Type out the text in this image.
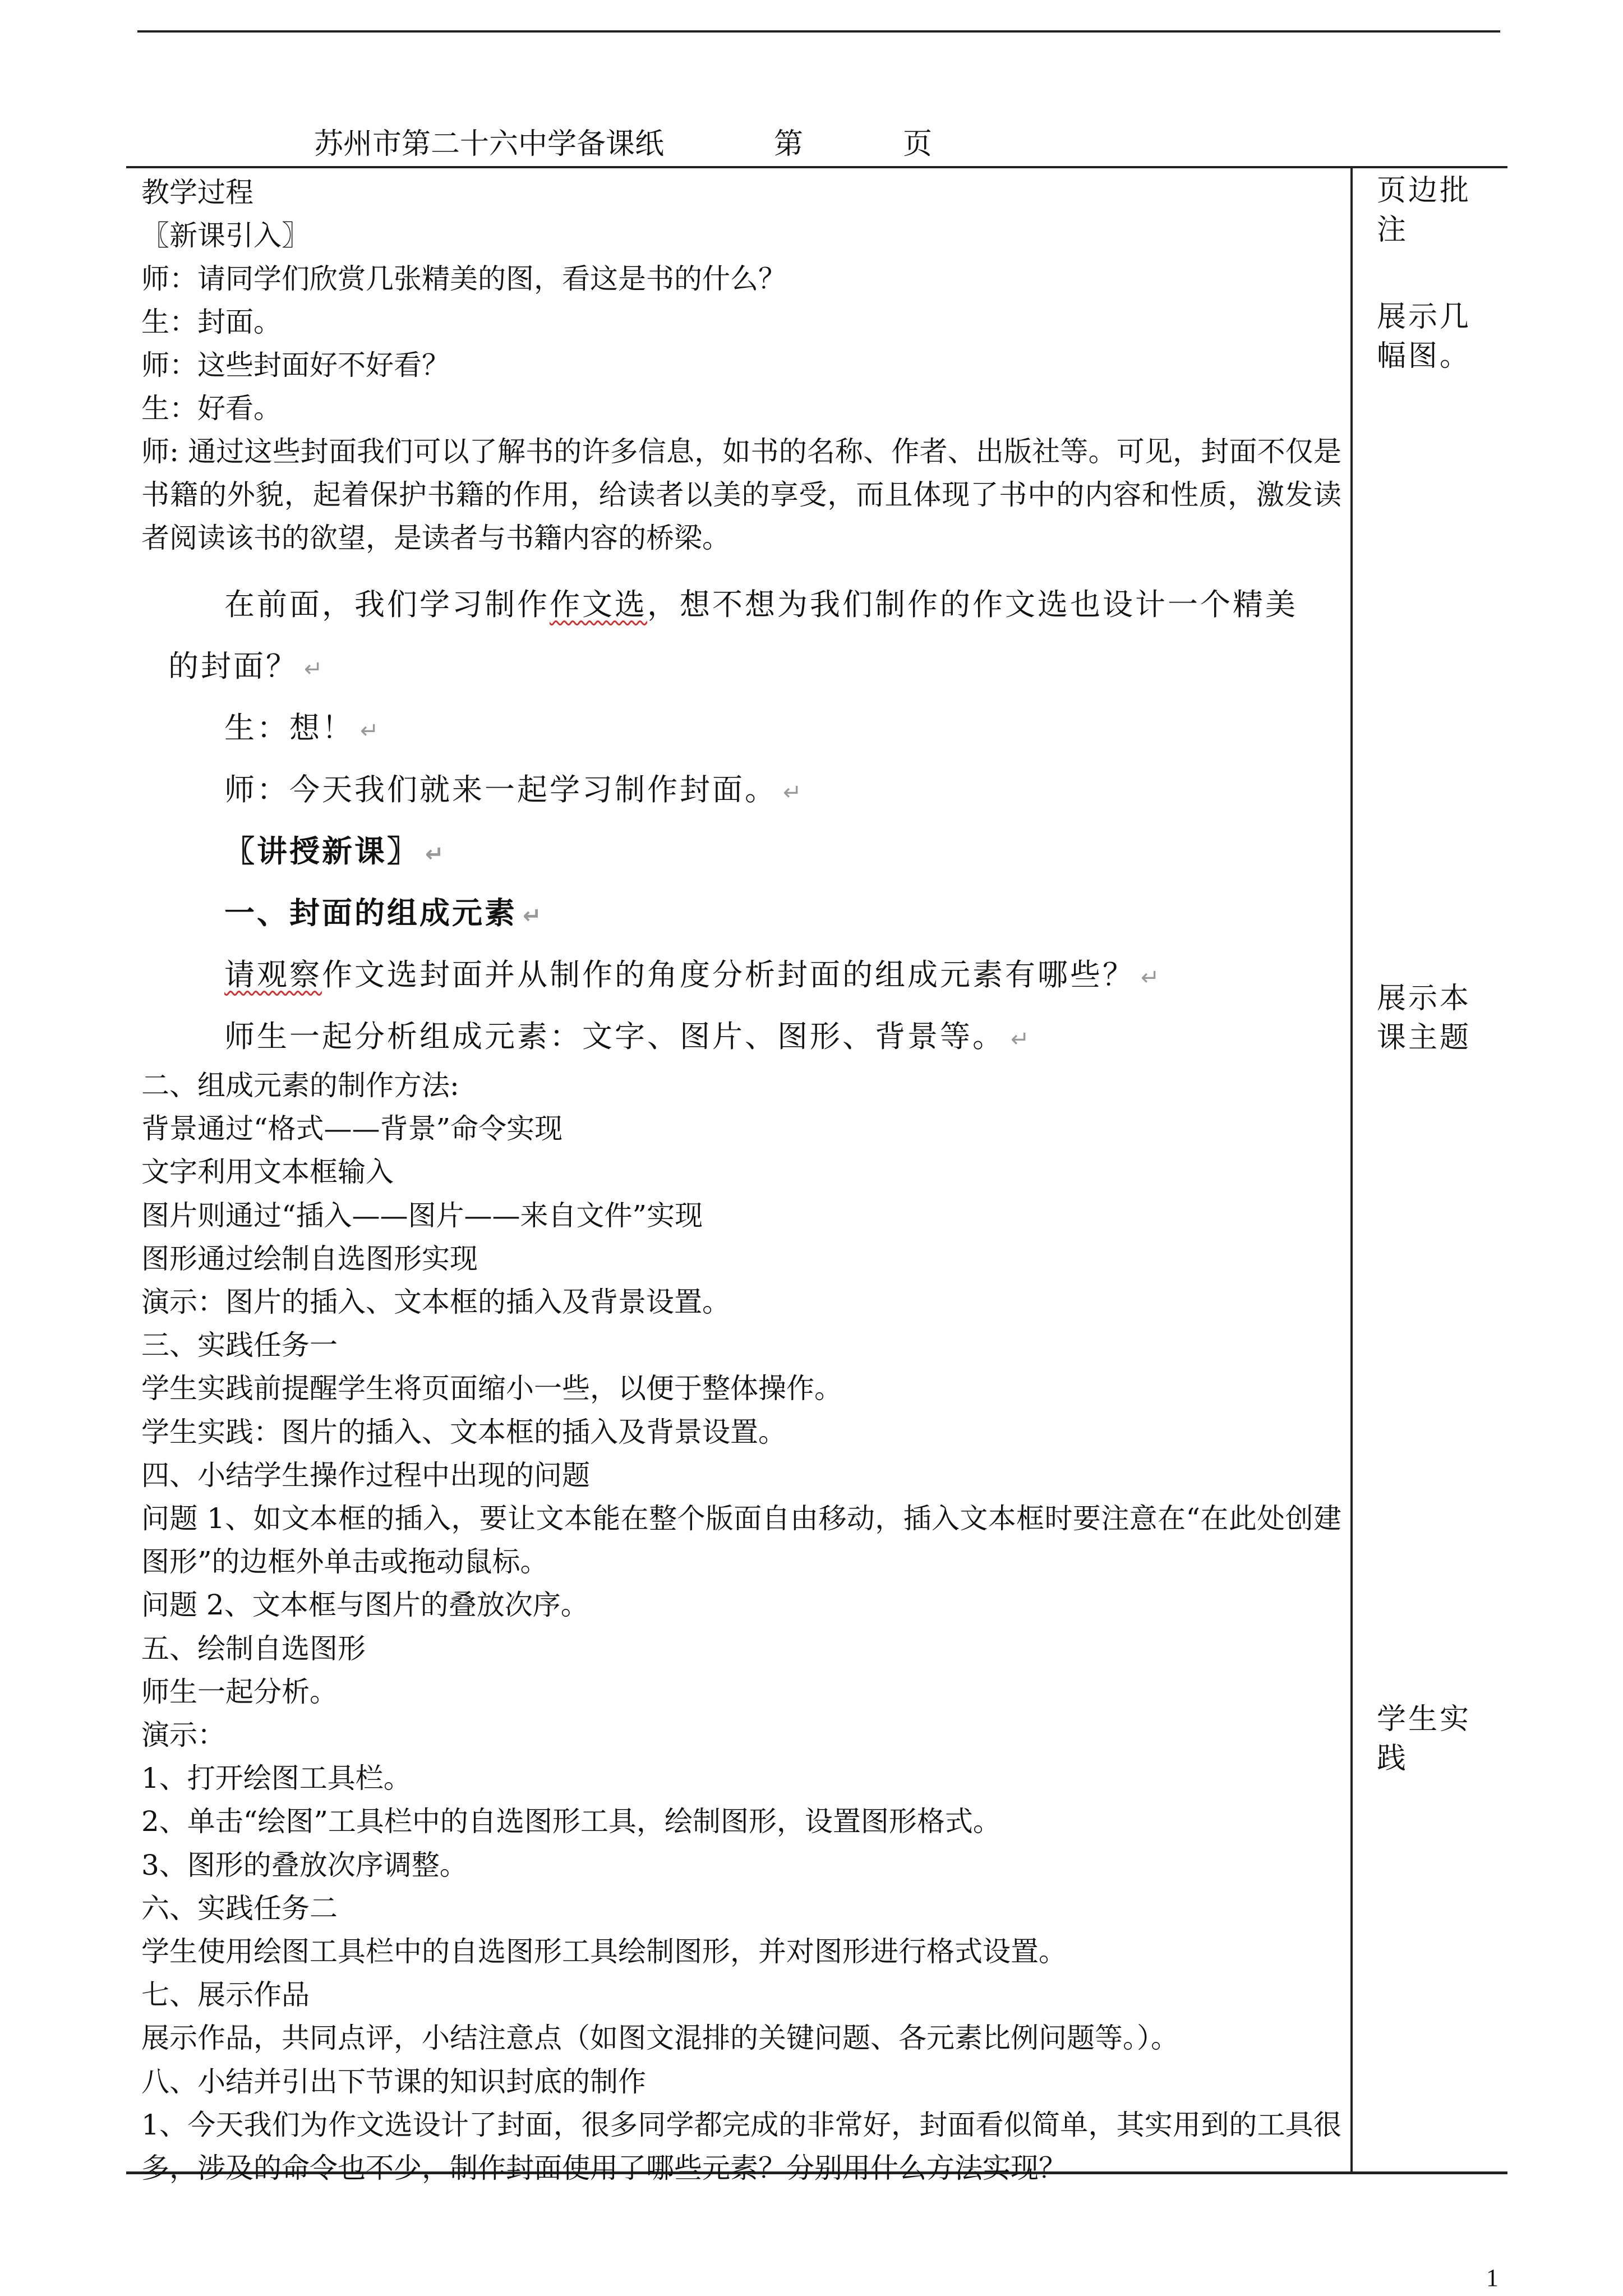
苏州市第二十六中学备课纸	第	页

教学过程

〖新课引入〗

师：请同学们欣赏几张精美的图，看这是书的什么？

生：封面。

师：这些封面好不好看？

生：好看。

师: 通过这些封面我们可以了解书的许多信息，如书的名称、作者、出版社等。可见，封面不仅是书籍的外貌，起着保护书籍的作用，给读者以美的享受，而且体现了书中的内容和性质，激发读者阅读该书的欲望，是读者与书籍内容的桥梁。

在前面，我们学习制作作文选，想不想为我们制作的作文选也设计一个精美
的封面？ ↵
生：想！ ↵
师：今天我们就来一起学习制作封面。 ↵
〖讲授新课〗 ↵
一、封面的组成元素 ↵
请观察作文选封面并从制作的角度分析封面的组成元素有哪些？ ↵
师生一起分析组成元素：文字、图片、图形、背景等。 ↵

二、组成元素的制作方法:

背景通过“格式——背景”命令实现

文字利用文本框输入

图片则通过“插入——图片——来自文件”实现

图形通过绘制自选图形实现

演示：图片的插入、文本框的插入及背景设置。

三、实践任务一

学生实践前提醒学生将页面缩小一些，以便于整体操作。

学生实践：图片的插入、文本框的插入及背景设置。

四、小结学生操作过程中出现的问题

问题 1、如文本框的插入，要让文本能在整个版面自由移动，插入文本框时要注意在“在此处创建图形”的边框外单击或拖动鼠标。

问题 2、文本框与图片的叠放次序。

五、绘制自选图形

师生一起分析。

演示：

1、打开绘图工具栏。

2、单击“绘图”工具栏中的自选图形工具，绘制图形，设置图形格式。

3、图形的叠放次序调整。

六、实践任务二

学生使用绘图工具栏中的自选图形工具绘制图形，并对图形进行格式设置。

七、展示作品

展示作品，共同点评，小结注意点（如图文混排的关键问题、各元素比例问题等。）。

八、小结并引出下节课的知识封底的制作

1、今天我们为作文选设计了封面，很多同学都完成的非常好，封面看似简单，其实用到的工具很多，涉及的命令也不少，制作封面使用了哪些元素？分别用什么方法实现？

页边批注
展示几幅图。
展示本课主题
学生实践
1
